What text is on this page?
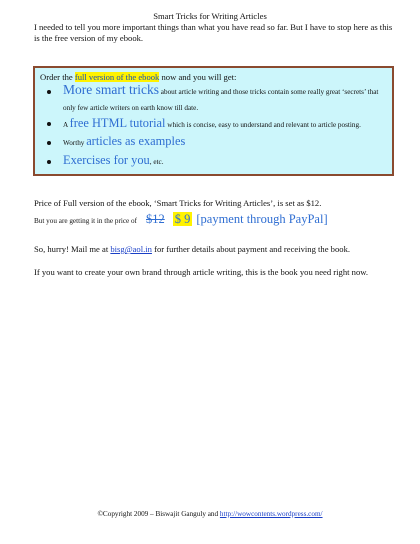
Smart Tricks for Writing Articles
I needed to tell you more important things than what you have read so far. But I have to stop here as this is the free version of my ebook.
Order the full version of the ebook now and you will get:
More smart tricks about article writing and those tricks contain some really great ‘secrets’ that only few article writers on earth know till date.
A free HTML tutorial which is concise, easy to understand and relevant to article posting.
Worthy articles as examples
Exercises for you, etc.
Price of Full version of the ebook, ‘Smart Tricks for Writing Articles’, is set as $12.
But you are getting it in the price of $12 $ 9 [payment through PayPal]
So, hurry! Mail me at bisg@aol.in for further details about payment and receiving the book.
If you want to create your own brand through article writing, this is the book you need right now.
©Copyright 2009 – Biswajit Ganguly and http://wowcontents.wordpress.com/
